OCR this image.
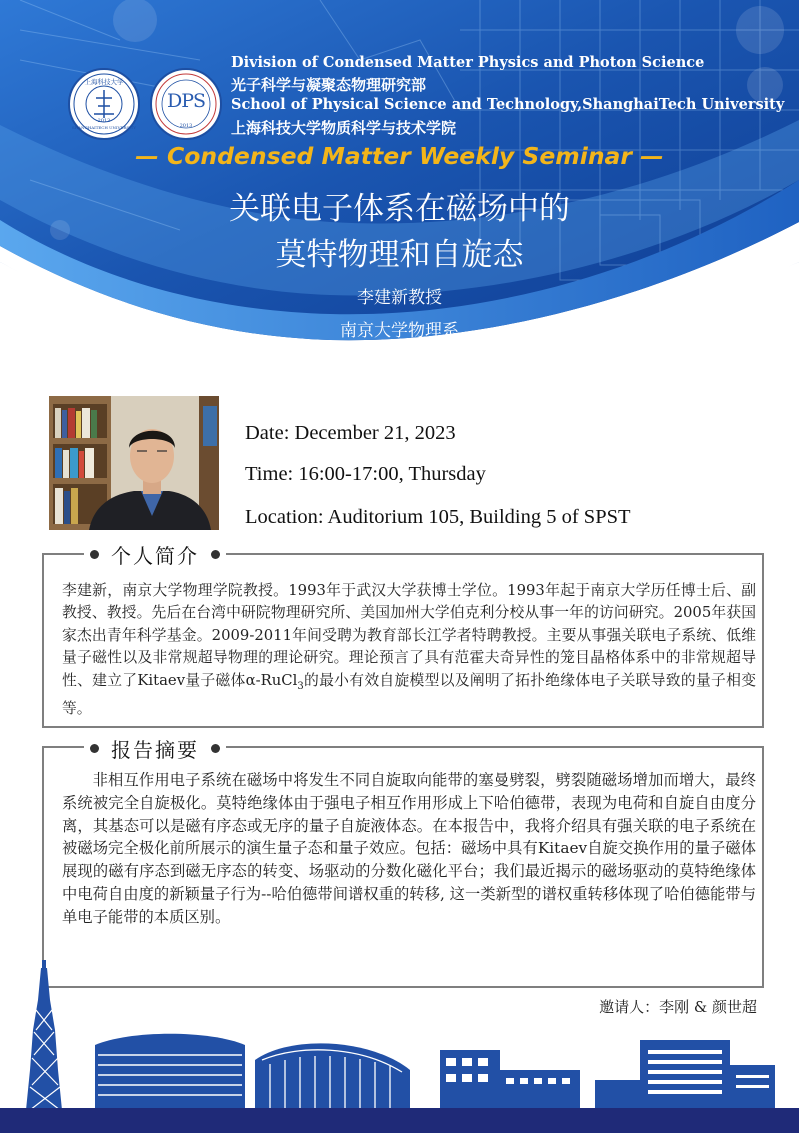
上海科技大学
SHANGHAITECH UNIVERSITY
2013
DPS
2013
Division of Condensed Matter Physics and Photon Science
光子科学与凝聚态物理研究部
School of Physical Science and Technology,ShanghaiTech University
上海科技大学物质科学与技术学院
— Condensed Matter Weekly Seminar —
关联电子体系在磁场中的
莫特物理和自旋态
李建新教授
南京大学物理系
Date: December 21, 2023
Time: 16:00-17:00, Thursday
Location: Auditorium 105, Building 5 of SPST
个人简介
李建新，南京大学物理学院教授。1993年于武汉大学获博士学位。1993年起于南京大学历任博士后、副教授、教授。先后在台湾中研院物理研究所、美国加州大学伯克利分校从事一年的访问研究。2005年获国家杰出青年科学基金。2009-2011年间受聘为教育部长江学者特聘教授。主要从事强关联电子系统、低维量子磁性以及非常规超导物理的理论研究。理论预言了具有范霍夫奇异性的笼目晶格体系中的非常规超导性、建立了Kitaev量子磁体α-RuCl$_3$的最小有效自旋模型以及阐明了拓扑绝缘体电子关联导致的量子相变等。
报告摘要
非相互作用电子系统在磁场中将发生不同自旋取向能带的塞曼劈裂，劈裂随磁场增加而增大，最终系统被完全自旋极化。莫特绝缘体由于强电子相互作用形成上下哈伯德带，表现为电荷和自旋自由度分离，其基态可以是磁有序态或无序的量子自旋液体态。在本报告中，我将介绍具有强关联的电子系统在被磁场完全极化前所展示的演生量子态和量子效应。包括：磁场中具有Kitaev自旋交换作用的量子磁体展现的磁有序态到磁无序态的转变、场驱动的分数化磁化平台；我们最近揭示的磁场驱动的莫特绝缘体中电荷自由度的新颖量子行为--哈伯德带间谱权重的转移, 这一类新型的谱权重转移体现了哈伯德能带与单电子能带的本质区别。
邀请人：李刚 & 颜世超
